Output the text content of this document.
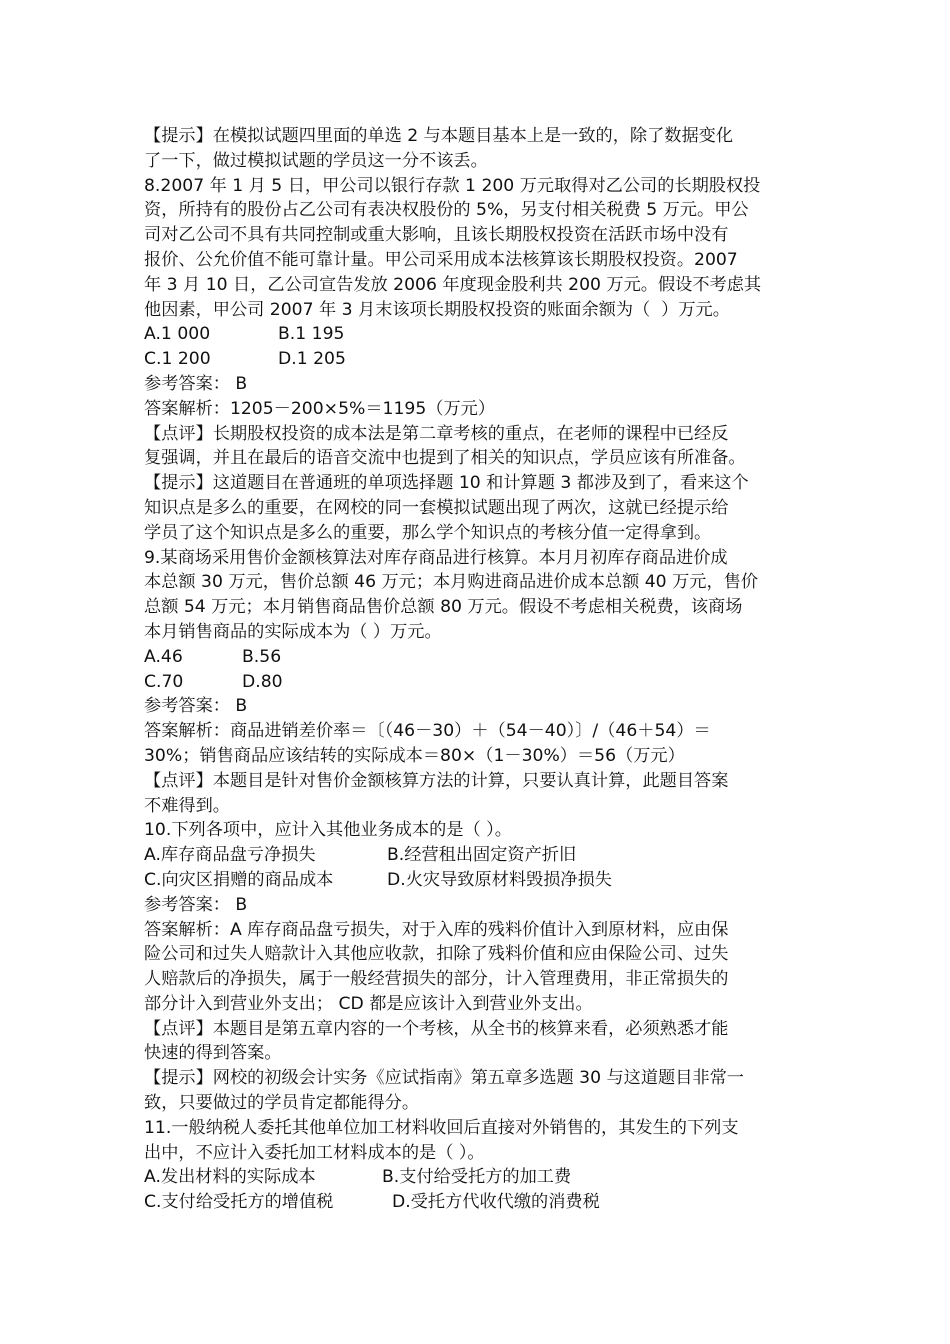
【提示】在模拟试题四里面的单选 2 与本题目基本上是一致的，除了数据变化
了一下，做过模拟试题的学员这一分不该丢。
8.2007 年 1 月 5 日，甲公司以银行存款 1 200 万元取得对乙公司的长期股权投
资，所持有的股份占乙公司有表决权股份的 5%，另支付相关税费 5 万元。甲公
司对乙公司不具有共同控制或重大影响，且该长期股权投资在活跃市场中没有
报价、公允价值不能可靠计量。甲公司采用成本法核算该长期股权投资。2007
年 3 月 10 日，乙公司宣告发放 2006 年度现金股利共 200 万元。假设不考虑其
他因素，甲公司 2007 年 3 月末该项长期股权投资的账面余额为（  ）万元。
A.1 000	B.1 195
C.1 200	D.1 205
参考答案： B
答案解析：1205－200×5%＝1195（万元）
【点评】长期股权投资的成本法是第二章考核的重点，在老师的课程中已经反
复强调，并且在最后的语音交流中也提到了相关的知识点，学员应该有所准备。
【提示】这道题目在普通班的单项选择题 10 和计算题 3 都涉及到了，看来这个
知识点是多么的重要，在网校的同一套模拟试题出现了两次，这就已经提示给
学员了这个知识点是多么的重要，那么学个知识点的考核分值一定得拿到。
9.某商场采用售价金额核算法对库存商品进行核算。本月月初库存商品进价成
本总额 30 万元，售价总额 46 万元；本月购进商品进价成本总额 40 万元，售价
总额 54 万元；本月销售商品售价总额 80 万元。假设不考虑相关税费，该商场
本月销售商品的实际成本为（ ）万元。
A.46	B.56
C.70	D.80
参考答案： B
答案解析：商品进销差价率＝〔（46－30）＋（54－40）〕/（46＋54）＝
30%；销售商品应该结转的实际成本＝80×（1－30%）＝56（万元）
【点评】本题目是针对售价金额核算方法的计算，只要认真计算，此题目答案
不难得到。
10.下列各项中，应计入其他业务成本的是（ ）。
A.库存商品盘亏净损失	B.经营租出固定资产折旧
C.向灾区捐赠的商品成本	D.火灾导致原材料毁损净损失
参考答案： B
答案解析：A 库存商品盘亏损失，对于入库的残料价值计入到原材料，应由保
险公司和过失人赔款计入其他应收款，扣除了残料价值和应由保险公司、过失
人赔款后的净损失，属于一般经营损失的部分，计入管理费用，非正常损失的
部分计入到营业外支出； CD 都是应该计入到营业外支出。
【点评】本题目是第五章内容的一个考核，从全书的核算来看，必须熟悉才能
快速的得到答案。
【提示】网校的初级会计实务《应试指南》第五章多选题 30 与这道题目非常一
致，只要做过的学员肯定都能得分。
11.一般纳税人委托其他单位加工材料收回后直接对外销售的，其发生的下列支
出中，不应计入委托加工材料成本的是（ ）。
A.发出材料的实际成本	B.支付给受托方的加工费
C.支付给受托方的增值税	D.受托方代收代缴的消费税
